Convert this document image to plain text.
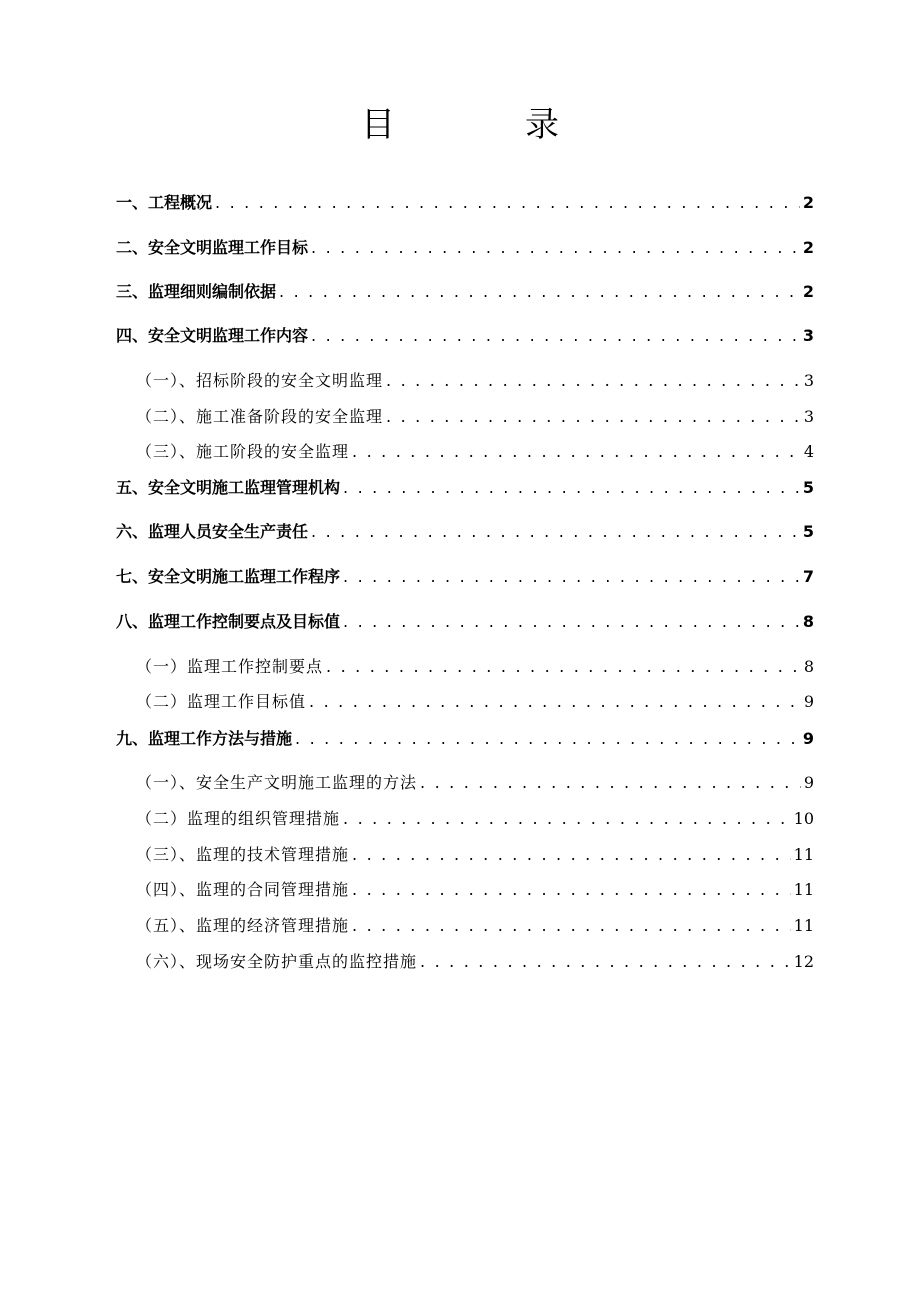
目　录
一、工程概况 . . .	2
二、安全文明监理工作目标 . . .	2
三、监理细则编制依据 . . .	2
四、安全文明监理工作内容 . . .	3
（一）、招标阶段的安全文明监理 . . .	3
（二）、施工准备阶段的安全监理 . . .	3
（三）、施工阶段的安全监理 . . .	4
五、安全文明施工监理管理机构 . . .	5
六、监理人员安全生产责任 . . .	5
七、安全文明施工监理工作程序 . . .	7
八、监理工作控制要点及目标值 . . .	8
（一）监理工作控制要点 . . .	8
（二）监理工作目标值 . . .	9
九、监理工作方法与措施 . . .	9
（一）、安全生产文明施工监理的方法 . . .	9
（二）监理的组织管理措施 . . .	10
（三）、监理的技术管理措施 . . .	11
（四）、监理的合同管理措施 . . .	11
（五）、监理的经济管理措施 . . .	11
（六）、现场安全防护重点的监控措施 . . .	12
